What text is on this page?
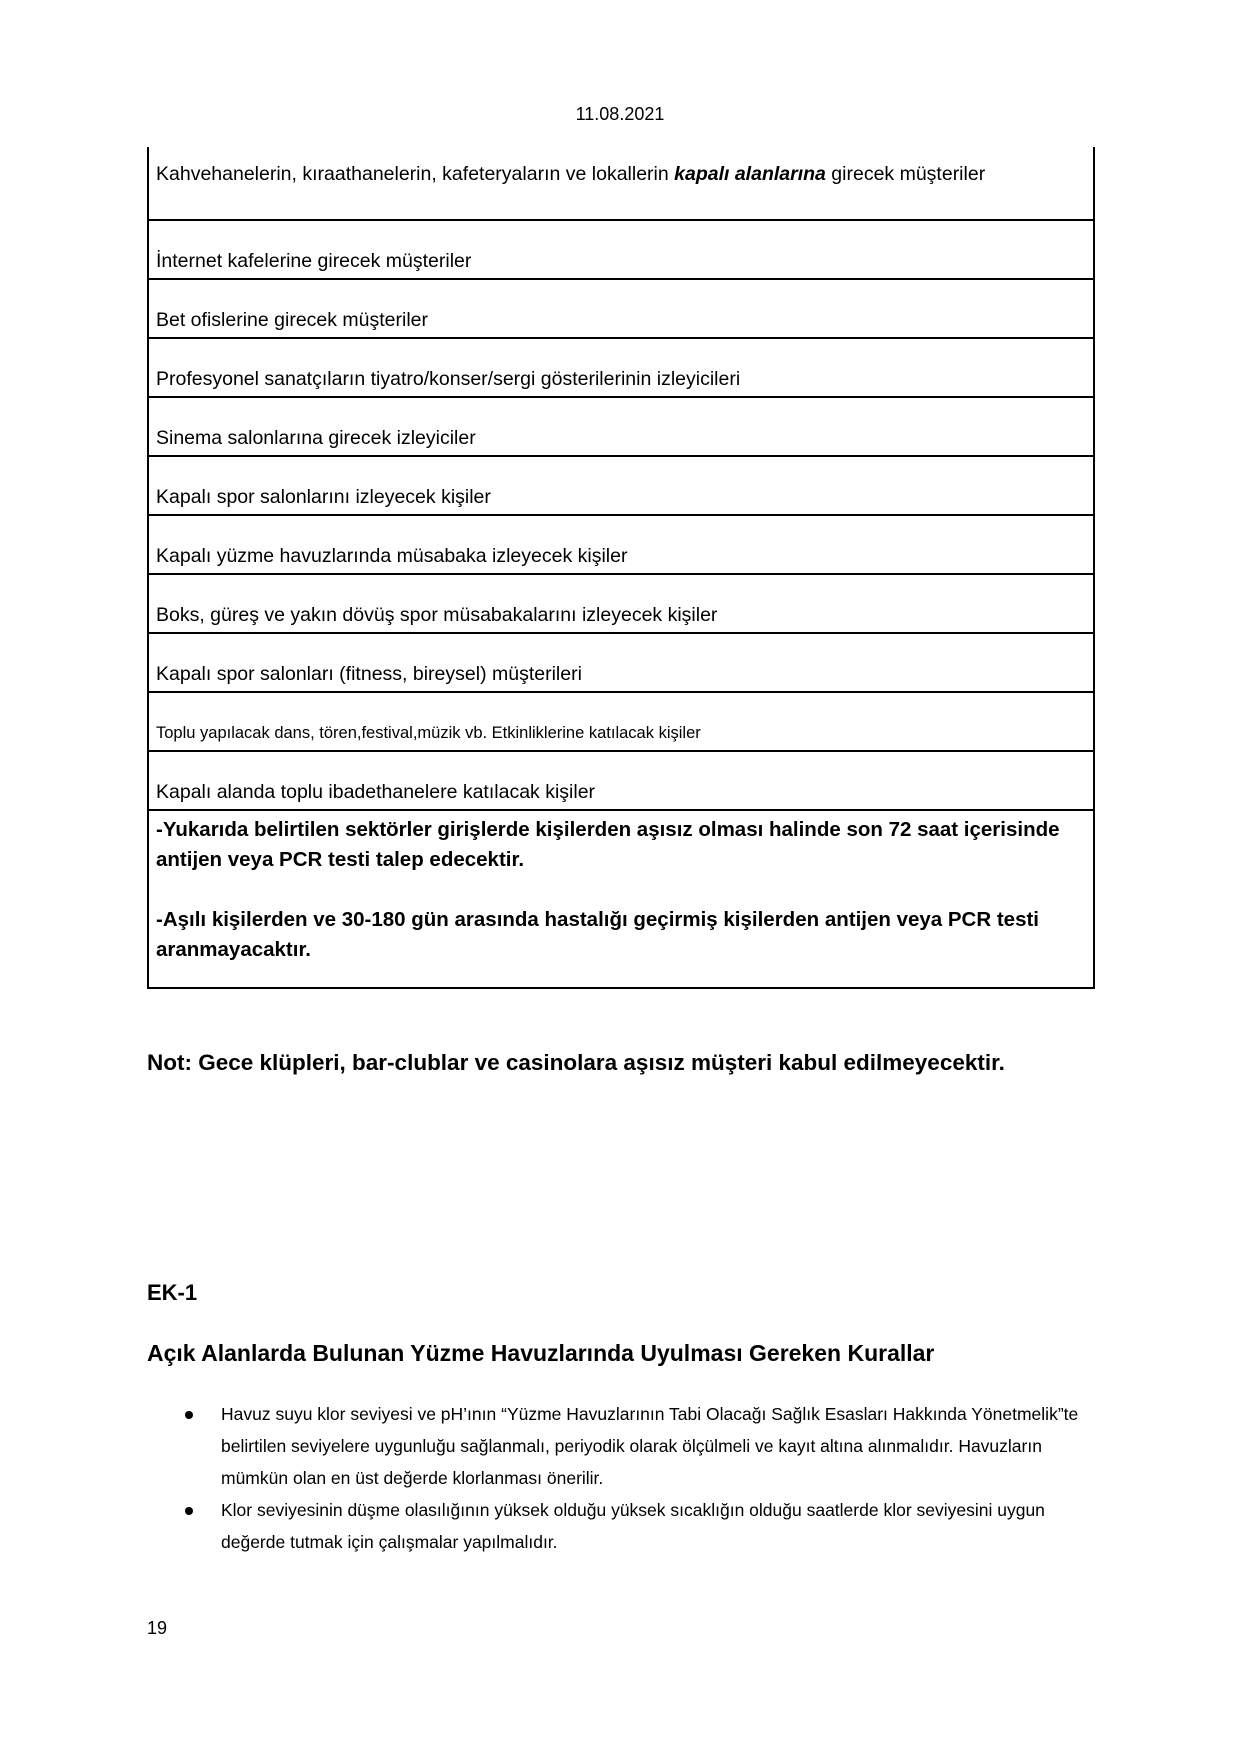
11.08.2021
Kahvehanelerin, kıraathanelerin, kafeteryaların ve lokallerin kapalı alanlarına girecek müşteriler
İnternet kafelerine girecek müşteriler
Bet ofislerine girecek müşteriler
Profesyonel sanatçıların tiyatro/konser/sergi gösterilerinin izleyicileri
Sinema salonlarına girecek izleyiciler
Kapalı spor salonlarını izleyecek kişiler
Kapalı yüzme havuzlarında müsabaka izleyecek kişiler
Boks, güreş ve yakın dövüş spor müsabakalarını izleyecek kişiler
Kapalı spor salonları (fitness, bireysel) müşterileri
Toplu yapılacak dans, tören,festival,müzik vb. Etkinliklerine katılacak kişiler
Kapalı alanda toplu ibadethanelere katılacak kişiler

-Yukarıda belirtilen sektörler girişlerde kişilerden aşısız olması halinde son 72 saat içerisinde antijen veya PCR testi talep edecektir.

-Aşılı kişilerden ve 30-180 gün arasında hastalığı geçirmiş kişilerden antijen veya PCR testi aranmayacaktır.

Not: Gece klüpleri, bar-clublar ve casinolara aşısız müşteri kabul edilmeyecektir.
EK-1
Açık Alanlarda Bulunan Yüzme Havuzlarında Uyulması Gereken Kurallar
Havuz suyu klor seviyesi ve pH’ının “Yüzme Havuzlarının Tabi Olacağı Sağlık Esasları Hakkında Yönetmelik”te belirtilen seviyelere uygunluğu sağlanmalı, periyodik olarak ölçülmeli ve kayıt altına alınmalıdır. Havuzların mümkün olan en üst değerde klorlanması önerilir.
Klor seviyesinin düşme olasılığının yüksek olduğu yüksek sıcaklığın olduğu saatlerde klor seviyesini uygun değerde tutmak için çalışmalar yapılmalıdır.
19
